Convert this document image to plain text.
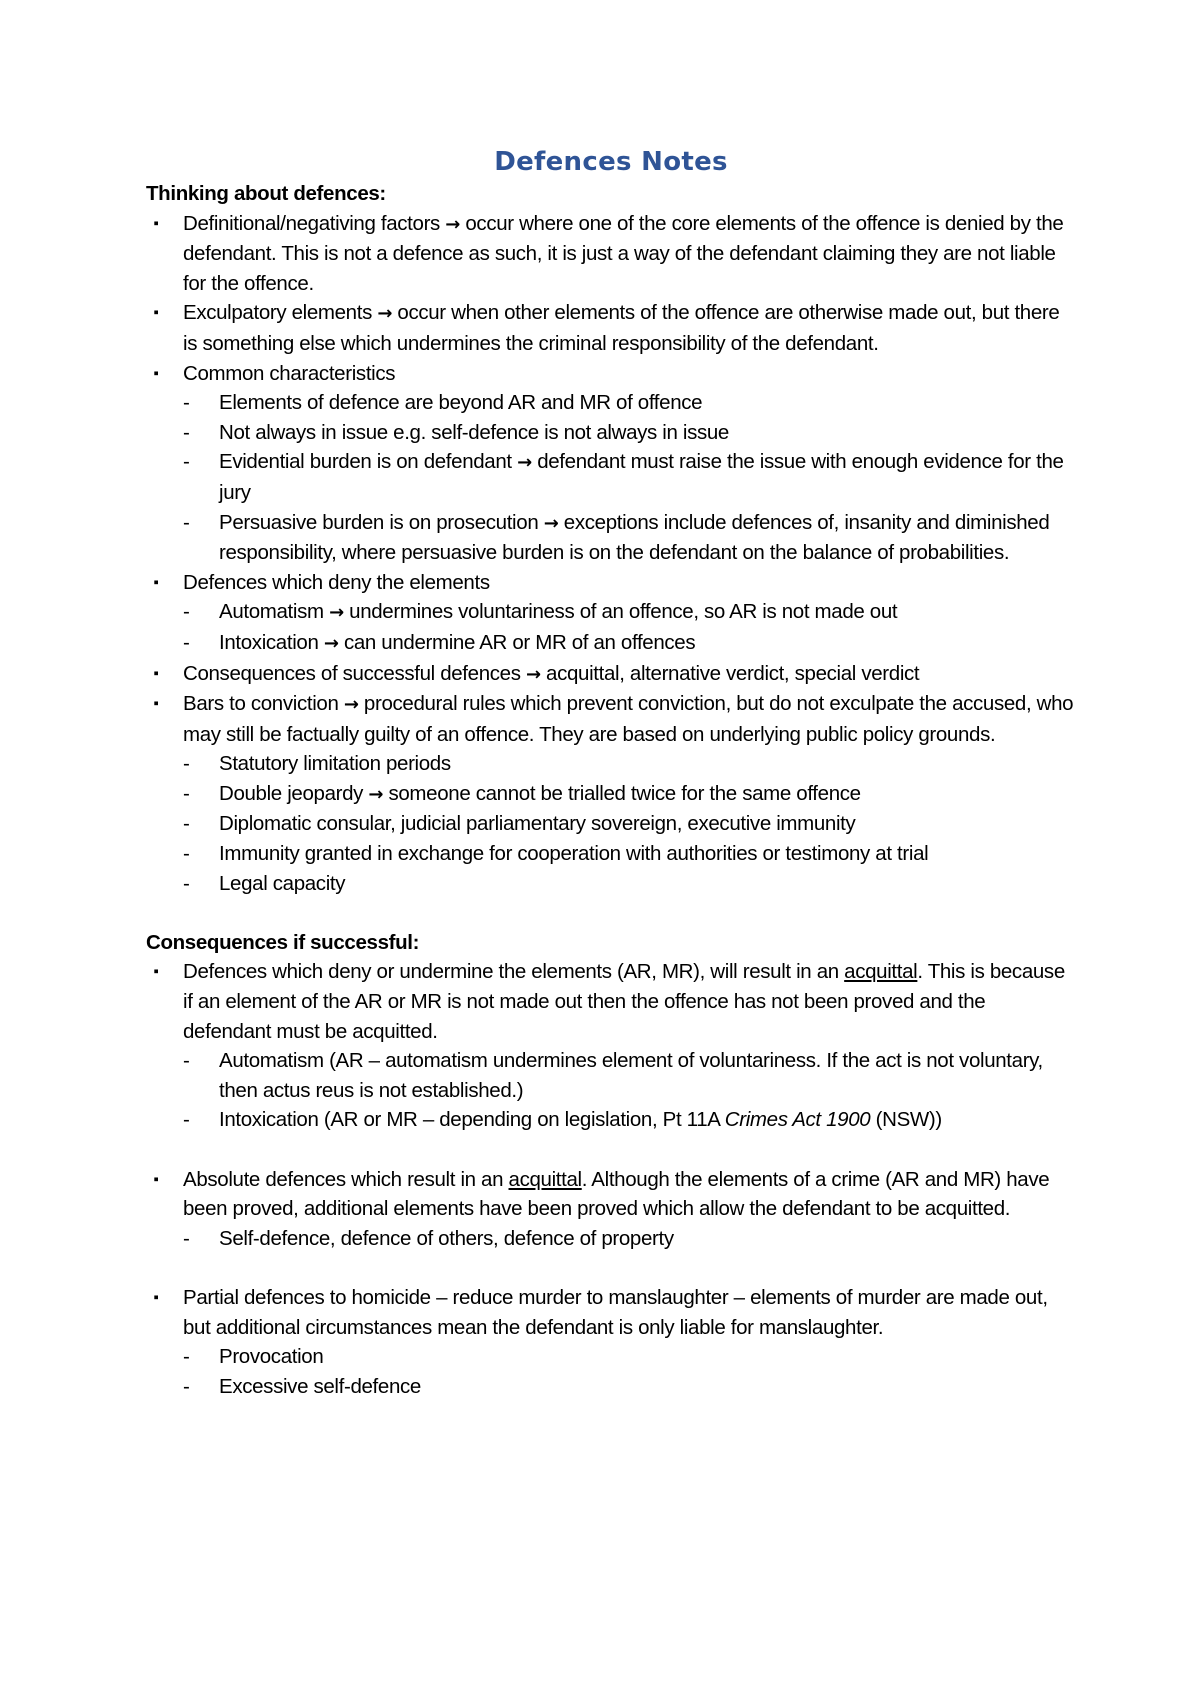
Defences Notes
Thinking about defences:
▪ Definitional/negativing factors → occur where one of the core elements of the offence is denied by the defendant. This is not a defence as such, it is just a way of the defendant claiming they are not liable for the offence.
▪ Exculpatory elements → occur when other elements of the offence are otherwise made out, but there is something else which undermines the criminal responsibility of the defendant.
▪ Common characteristics
-	Elements of defence are beyond AR and MR of offence
-	Not always in issue e.g. self-defence is not always in issue
-	Evidential burden is on defendant → defendant must raise the issue with enough evidence for the jury
-	Persuasive burden is on prosecution → exceptions include defences of, insanity and diminished responsibility, where persuasive burden is on the defendant on the balance of probabilities.
▪ Defences which deny the elements
-	Automatism → undermines voluntariness of an offence, so AR is not made out
-	Intoxication → can undermine AR or MR of an offences
▪ Consequences of successful defences → acquittal, alternative verdict, special verdict
▪ Bars to conviction → procedural rules which prevent conviction, but do not exculpate the accused, who may still be factually guilty of an offence. They are based on underlying public policy grounds.
-	Statutory limitation periods
-	Double jeopardy → someone cannot be trialled twice for the same offence
-	Diplomatic consular, judicial parliamentary sovereign, executive immunity
-	Immunity granted in exchange for cooperation with authorities or testimony at trial
-	Legal capacity
Consequences if successful:
▪ Defences which deny or undermine the elements (AR, MR), will result in an acquittal. This is because if an element of the AR or MR is not made out then the offence has not been proved and the defendant must be acquitted.
-	Automatism (AR – automatism undermines element of voluntariness. If the act is not voluntary, then actus reus is not established.)
-	Intoxication (AR or MR – depending on legislation, Pt 11A Crimes Act 1900 (NSW))
▪ Absolute defences which result in an acquittal. Although the elements of a crime (AR and MR) have been proved, additional elements have been proved which allow the defendant to be acquitted.
-	Self-defence, defence of others, defence of property
▪ Partial defences to homicide – reduce murder to manslaughter – elements of murder are made out, but additional circumstances mean the defendant is only liable for manslaughter.
-	Provocation
-	Excessive self-defence
